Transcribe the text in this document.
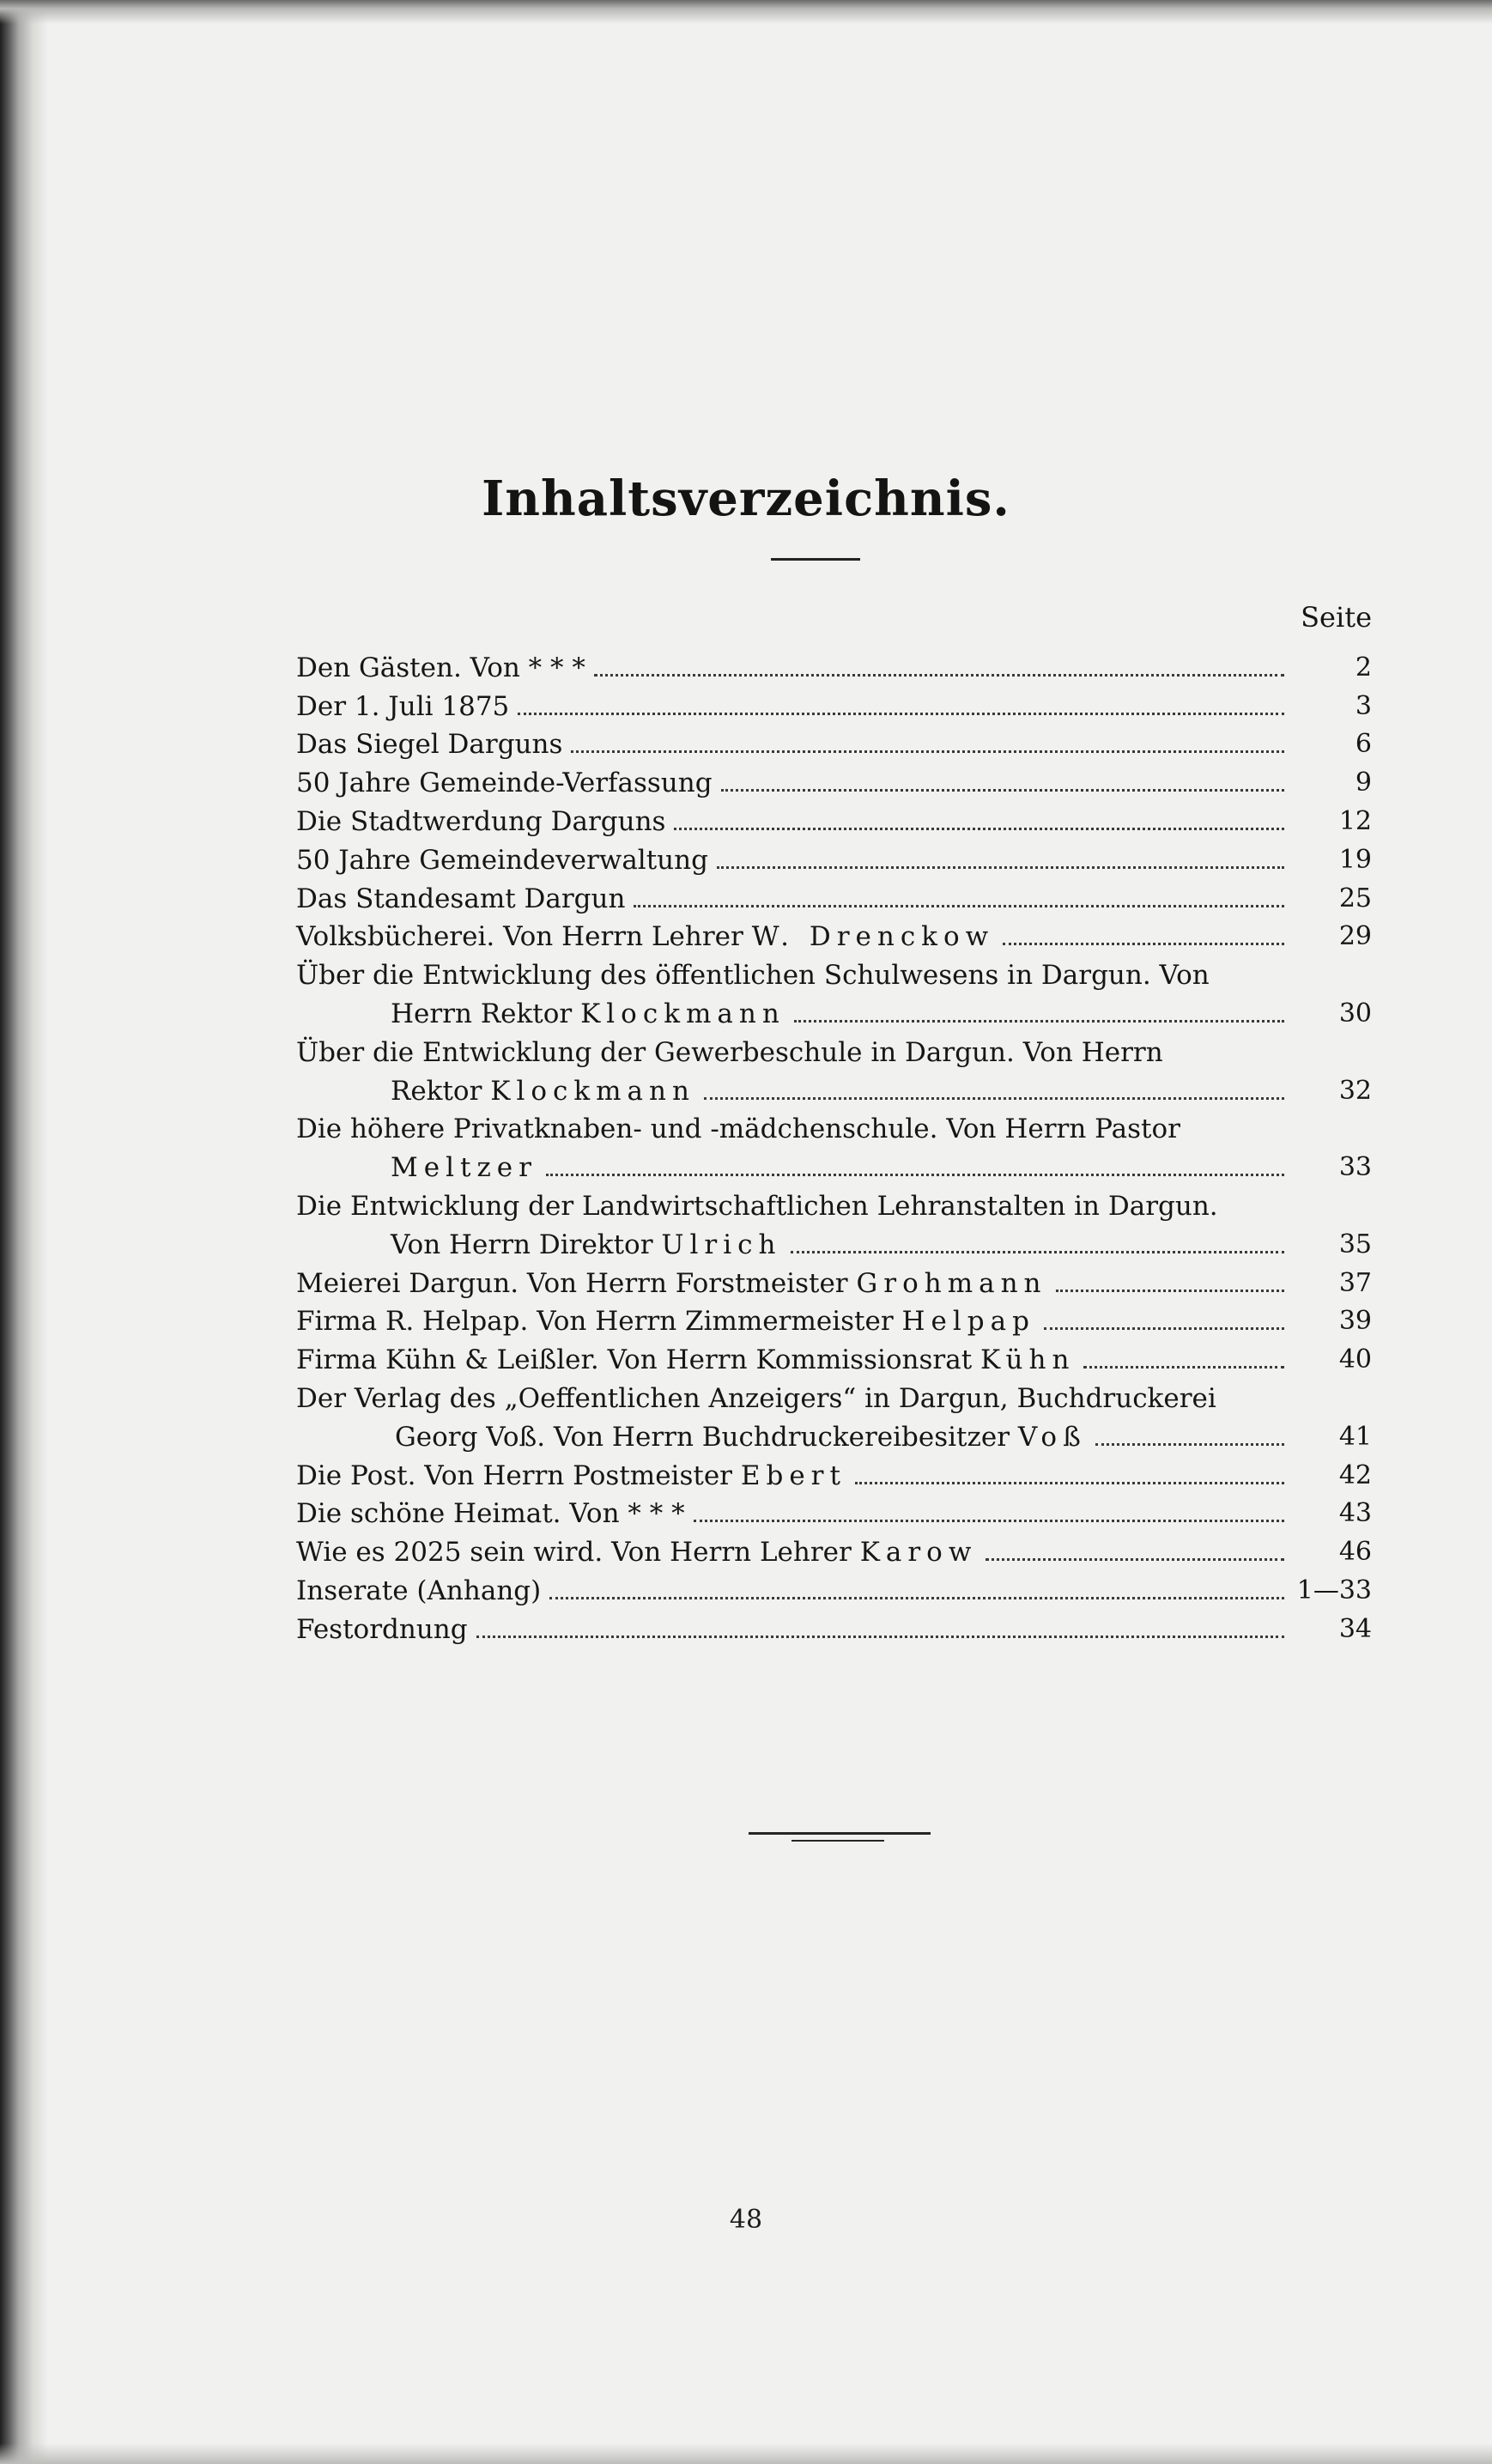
Inhaltsverzeichnis.
Seite
Den Gästen. Von * * *	2
Der 1. Juli 1875	3
Das Siegel Darguns	6
50 Jahre Gemeinde-Verfassung	9
Die Stadtwerdung Darguns	12
50 Jahre Gemeindeverwaltung	19
Das Standesamt Dargun	25
Volksbücherei. Von Herrn Lehrer W. Drenckow	29
Über die Entwicklung des öffentlichen Schulwesens in Dargun. Von
Herrn Rektor Klockmann	30
Über die Entwicklung der Gewerbeschule in Dargun. Von Herrn
Rektor Klockmann	32
Die höhere Privatknaben- und -mädchenschule. Von Herrn Pastor
Meltzer	33
Die Entwicklung der Landwirtschaftlichen Lehranstalten in Dargun.
Von Herrn Direktor Ulrich	35
Meierei Dargun. Von Herrn Forstmeister Grohmann	37
Firma R. Helpap. Von Herrn Zimmermeister Helpap	39
Firma Kühn & Leißler. Von Herrn Kommissionsrat Kühn	40
Der Verlag des „Oeffentlichen Anzeigers“ in Dargun, Buchdruckerei
Georg Voß. Von Herrn Buchdruckereibesitzer Voß	41
Die Post. Von Herrn Postmeister Ebert	42
Die schöne Heimat. Von * * *	43
Wie es 2025 sein wird. Von Herrn Lehrer Karow	46
Inserate (Anhang)	1—33
Festordnung	34
48
